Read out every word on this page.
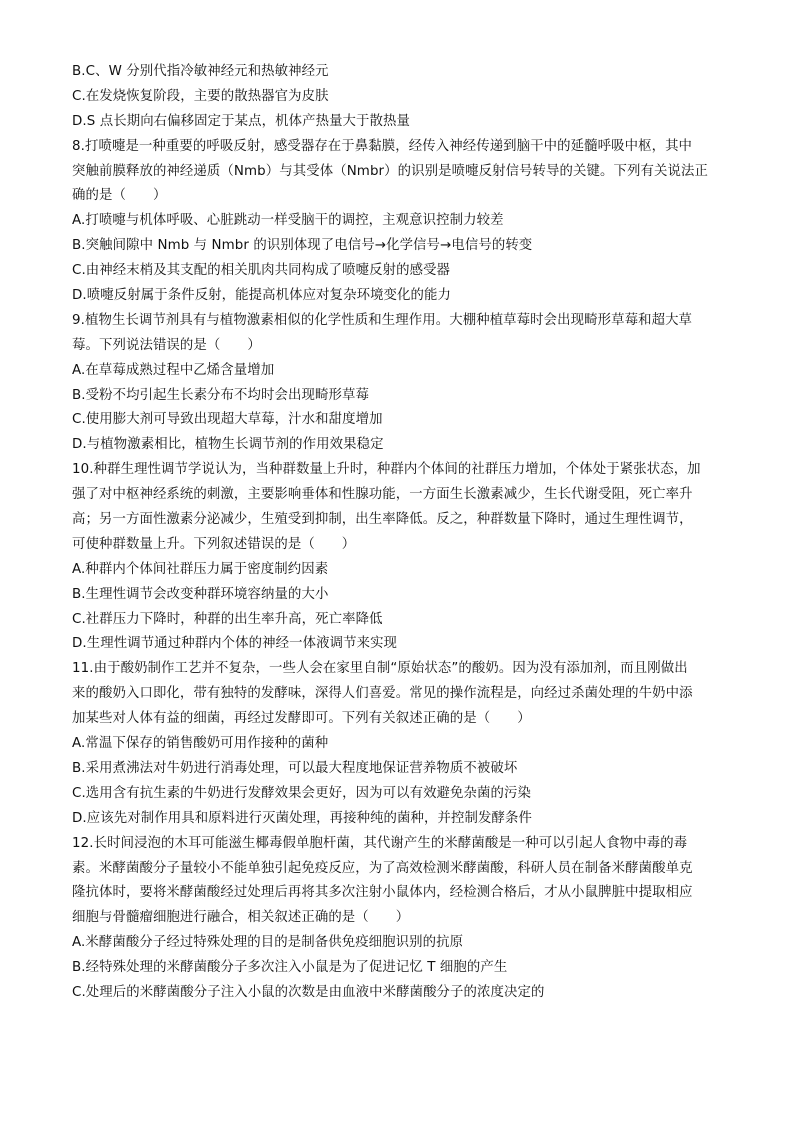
B.C、W 分别代指冷敏神经元和热敏神经元
C.在发烧恢复阶段，主要的散热器官为皮肤
D.S 点长期向右偏移固定于某点，机体产热量大于散热量
8.打喷嚏是一种重要的呼吸反射，感受器存在于鼻黏膜，经传入神经传递到脑干中的延髓呼吸中枢，其中
突触前膜释放的神经递质（Nmb）与其受体（Nmbr）的识别是喷嚏反射信号转导的关键。下列有关说法正
确的是（　　）
A.打喷嚏与机体呼吸、心脏跳动一样受脑干的调控，主观意识控制力较差
B.突触间隙中 Nmb 与 Nmbr 的识别体现了电信号→化学信号→电信号的转变
C.由神经末梢及其支配的相关肌肉共同构成了喷嚏反射的感受器
D.喷嚏反射属于条件反射，能提高机体应对复杂环境变化的能力
9.植物生长调节剂具有与植物激素相似的化学性质和生理作用。大棚种植草莓时会出现畸形草莓和超大草
莓。下列说法错误的是（　　）
A.在草莓成熟过程中乙烯含量增加
B.受粉不均引起生长素分布不均时会出现畸形草莓
C.使用膨大剂可导致出现超大草莓，汁水和甜度增加
D.与植物激素相比，植物生长调节剂的作用效果稳定
10.种群生理性调节学说认为，当种群数量上升时，种群内个体间的社群压力增加，个体处于紧张状态，加
强了对中枢神经系统的刺激，主要影响垂体和性腺功能，一方面生长激素减少，生长代谢受阻，死亡率升
高；另一方面性激素分泌减少，生殖受到抑制，出生率降低。反之，种群数量下降时，通过生理性调节，
可使种群数量上升。下列叙述错误的是（　　）
A.种群内个体间社群压力属于密度制约因素
B.生理性调节会改变种群环境容纳量的大小
C.社群压力下降时，种群的出生率升高，死亡率降低
D.生理性调节通过种群内个体的神经一体液调节来实现
11.由于酸奶制作工艺并不复杂，一些人会在家里自制“原始状态”的酸奶。因为没有添加剂，而且刚做出
来的酸奶入口即化，带有独特的发酵味，深得人们喜爱。常见的操作流程是，向经过杀菌处理的牛奶中添
加某些对人体有益的细菌，再经过发酵即可。下列有关叙述正确的是（　　）
A.常温下保存的销售酸奶可用作接种的菌种
B.采用煮沸法对牛奶进行消毒处理，可以最大程度地保证营养物质不被破坏
C.选用含有抗生素的牛奶进行发酵效果会更好，因为可以有效避免杂菌的污染
D.应该先对制作用具和原料进行灭菌处理，再接种纯的菌种，并控制发酵条件
12.长时间浸泡的木耳可能滋生椰毒假单胞杆菌，其代谢产生的米酵菌酸是一种可以引起人食物中毒的毒
素。米酵菌酸分子量较小不能单独引起免疫反应，为了高效检测米酵菌酸，科研人员在制备米酵菌酸单克
隆抗体时，要将米酵菌酸经过处理后再将其多次注射小鼠体内，经检测合格后，才从小鼠脾脏中提取相应
细胞与骨髓瘤细胞进行融合，相关叙述正确的是（　　）
A.米酵菌酸分子经过特殊处理的目的是制备供免疫细胞识别的抗原
B.经特殊处理的米酵菌酸分子多次注入小鼠是为了促进记忆 T 细胞的产生
C.处理后的米酵菌酸分子注入小鼠的次数是由血液中米酵菌酸分子的浓度决定的
